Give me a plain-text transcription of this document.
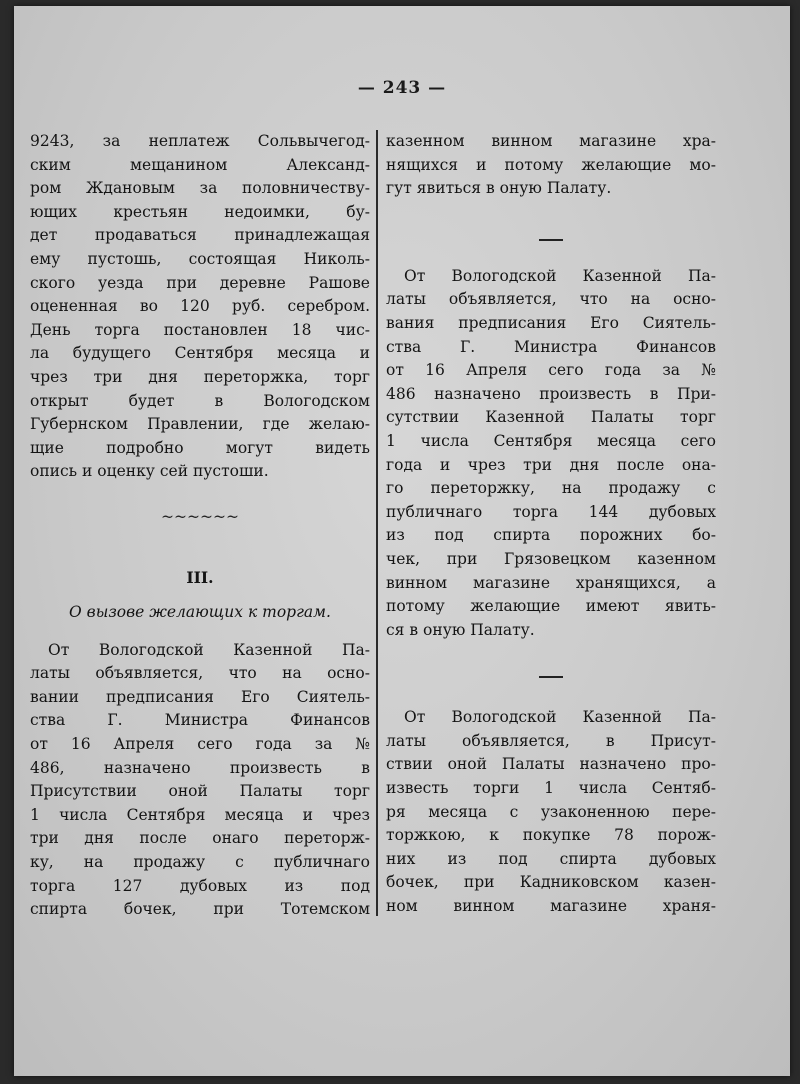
— 243 —
9243, за неплатеж Сольвычегод-
ским мещанином Александ-
ром Ждановым за половничеству-
ющих крестьян недоимки, бу-
дет продаваться принадлежащая
ему пустошь, состоящая Николь-
ского уезда при деревне Рашове
оцененная во 120 руб. серебром.
День торга постановлен 18 чис-
ла будущего Сентября месяца и
чрез три дня переторжка, торг
открыт будет в Вологодском
Губернском Правлении, где желаю-
щие подробно могут видеть
опись и оценку сей пустоши.
~~~~~~
III.
О вызове желающих к торгам.
От Вологодской Казенной Па-
латы объявляется, что на осно-
вании предписания Его Сиятель-
ства Г. Министра Финансов
от 16 Апреля сего года за №
486, назначено произвесть в
Присутствии оной Палаты торг
1 числа Сентября месяца и чрез
три дня после онаго переторж-
ку, на продажу с публичнаго
торга 127 дубовых из под
спирта бочек, при Тотемском
казенном винном магазине хра-
нящихся и потому желающие мо-
гут явиться в оную Палату.
От Вологодской Казенной Па-
латы объявляется, что на осно-
вания предписания Его Сиятель-
ства Г. Министра Финансов
от 16 Апреля сего года за №
486 назначено произвесть в При-
сутствии Казенной Палаты торг
1 числа Сентября месяца сего
года и чрез три дня после она-
го переторжку, на продажу с
публичнаго торга 144 дубовых
из под спирта порожних бо-
чек, при Грязовецком казенном
винном магазине хранящихся, а
потому желающие имеют явить-
ся в оную Палату.
От Вологодской Казенной Па-
латы объявляется, в Присут-
ствии оной Палаты назначено про-
известь торги 1 числа Сентяб-
ря месяца с узаконенною пере-
торжкою, к покупке 78 порож-
них из под спирта дубовых
бочек, при Кадниковском казен-
ном винном магазине храня-
